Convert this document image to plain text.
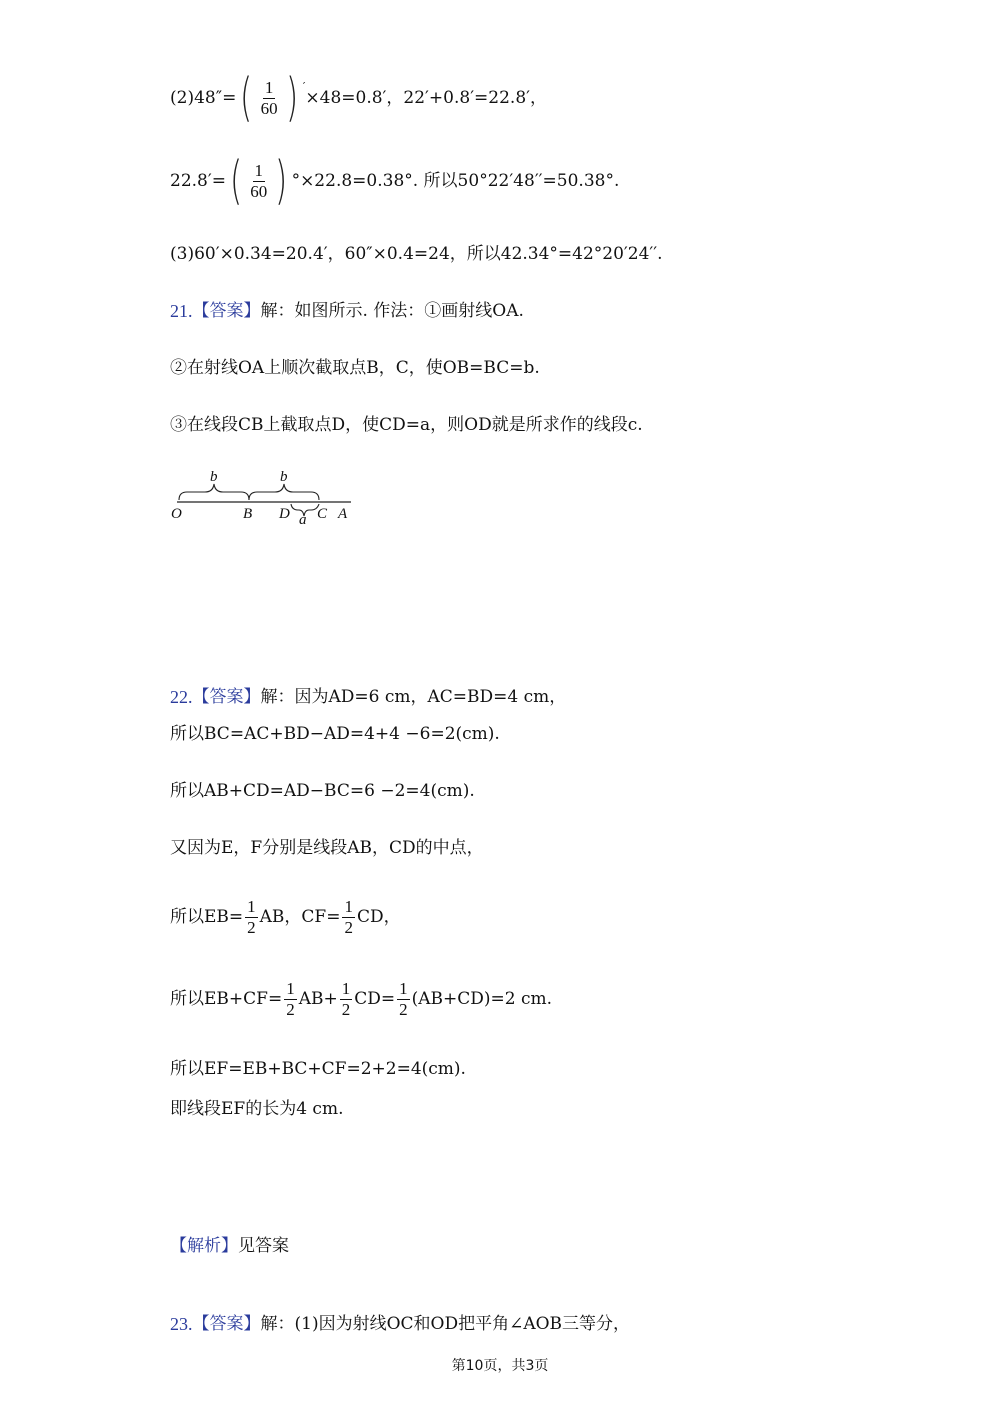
(2)48″= ( $\frac{1}{60}$ ) ′
×48=0.8′，22′+0.8′=22.8′，
22.8′= ( $\frac{1}{60}$ ) °×22.8=0.38°. 所以50°22′48′′=50.38°.
(3)60′×0.34=20.4′，60″×0.4=24，所以42.34°=42°20′24′′.
21. 【答案】 解：如图所示. 作法：①画射线OA.
②在射线OA上顺次截取点B，C，使OB=BC=b.
③在线段CB上截取点D，使CD=a，则OD就是所求作的线段c.
b	b
a
O	B D C A
22. 【答案】 解：因为AD=6 cm，AC=BD=4 cm，
所以BC=AC+BD−AD=4+4 −6=2(cm).
所以AB+CD=AD−BC=6 −2=4(cm).
又因为E，F分别是线段AB，CD的中点，
所以$EB= \frac{1}{2}$ AB，$CF= \frac{1}{2}$ CD，
所以$EB+CF= \frac{1}{2} AB+ \frac{1}{2} CD= \frac{1}{2} (AB+CD)=2$ cm.
所以EF=EB+BC+CF=2+2=4(cm).
即线段EF的长为4 cm.
【解析】 见答案
23. 【答案】 解：(1)因为射线OC和OD把平角∠AOB三等分，
第10页，共3页
